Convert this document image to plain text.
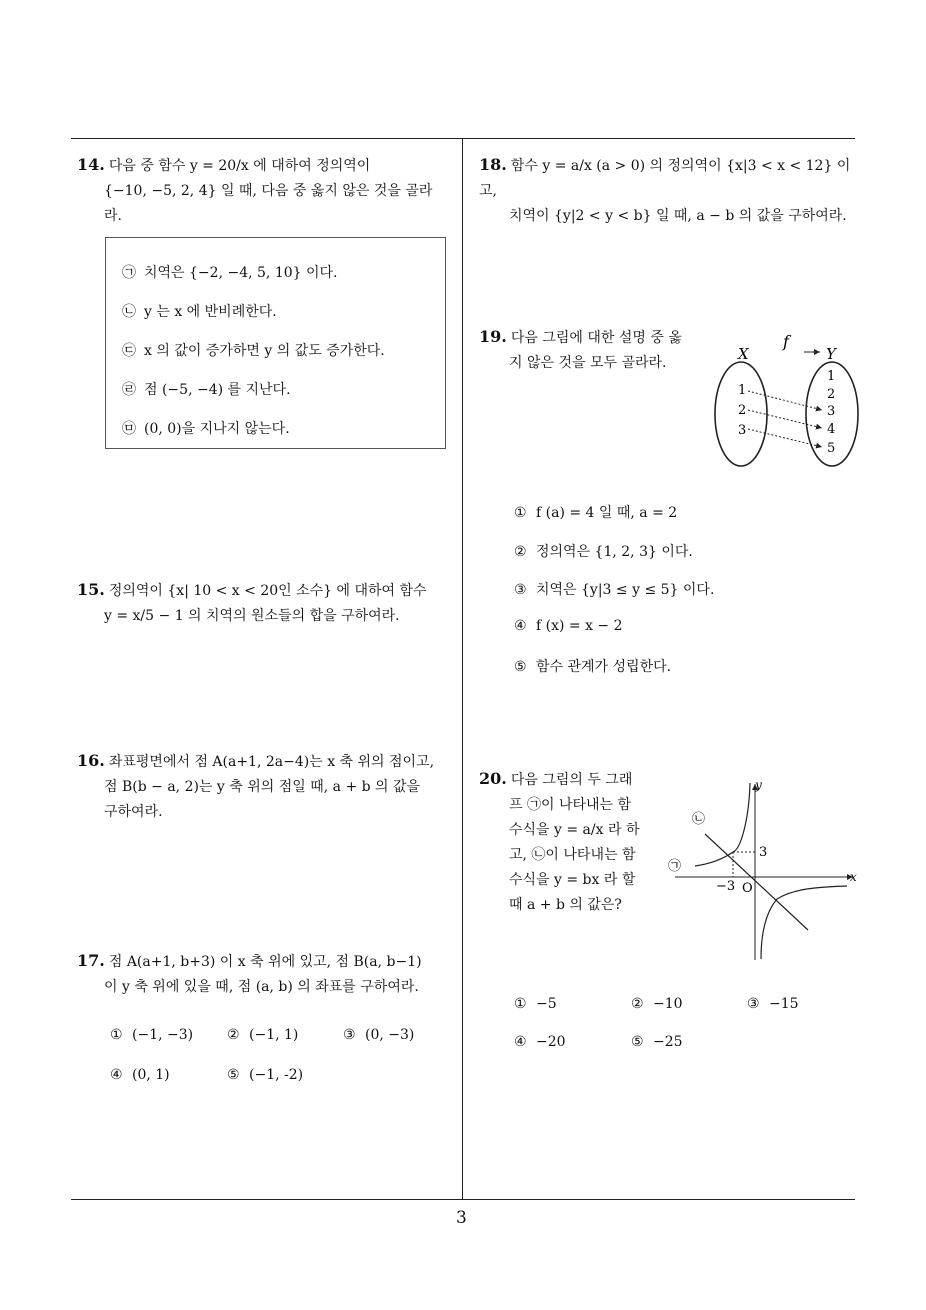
14. 다음 중 함수 y = 20/x 에 대하여 정의역이
{−10, −5, 2, 4} 일 때, 다음 중 옳지 않은 것을 골라
라.
㉠ 치역은 {−2, −4, 5, 10} 이다.
㉡ y 는 x 에 반비례한다.
㉢ x 의 값이 증가하면 y 의 값도 증가한다.
㉣ 점 (−5, −4) 를 지난다.
㉤ (0, 0)을 지나지 않는다.
15. 정의역이 {x| 10 < x < 20인 소수} 에 대하여 함수
y = x/5 − 1 의 치역의 원소들의 합을 구하여라.
16. 좌표평면에서 점 A(a+1, 2a−4)는 x 축 위의 점이고,
점 B(b − a, 2)는 y 축 위의 점일 때, a + b 의 값을
구하여라.
17. 점 A(a+1, b+3) 이 x 축 위에 있고, 점 B(a, b−1)
이 y 축 위에 있을 때, 점 (a, b) 의 좌표를 구하여라.
① (−1, −3) ② (−1, 1)	③ (0, −3)
④ (0, 1)	⑤ (−1, -2)
18. 함수 y = a/x (a > 0) 의 정의역이 {x|3 < x < 12} 이고,
치역이 {y|2 < y < b} 일 때, a − b 의 값을 구하여라.
19. 다음 그림에 대한 설명 중 옳
지 않은 것을 모두 골라라.
f
X	Y
1
2
3
1
2
3
4
5
① f (a) = 4 일 때, a = 2
② 정의역은 {1, 2, 3} 이다.
③ 치역은 {y|3 ≤ y ≤ 5} 이다.
④ f (x) = x − 2
⑤ 함수 관계가 성립한다.
20. 다음 그림의 두 그래
프 ㉠이 나타내는 함
수식을 y = a/x 라 하
고, ㉡이 나타내는 함
수식을 y = bx 라 할
때 a + b 의 값은?
x
y
O
−3
3
㉠
㉡
① −5	② −10	③ −15
④ −20	⑤ −25
3
